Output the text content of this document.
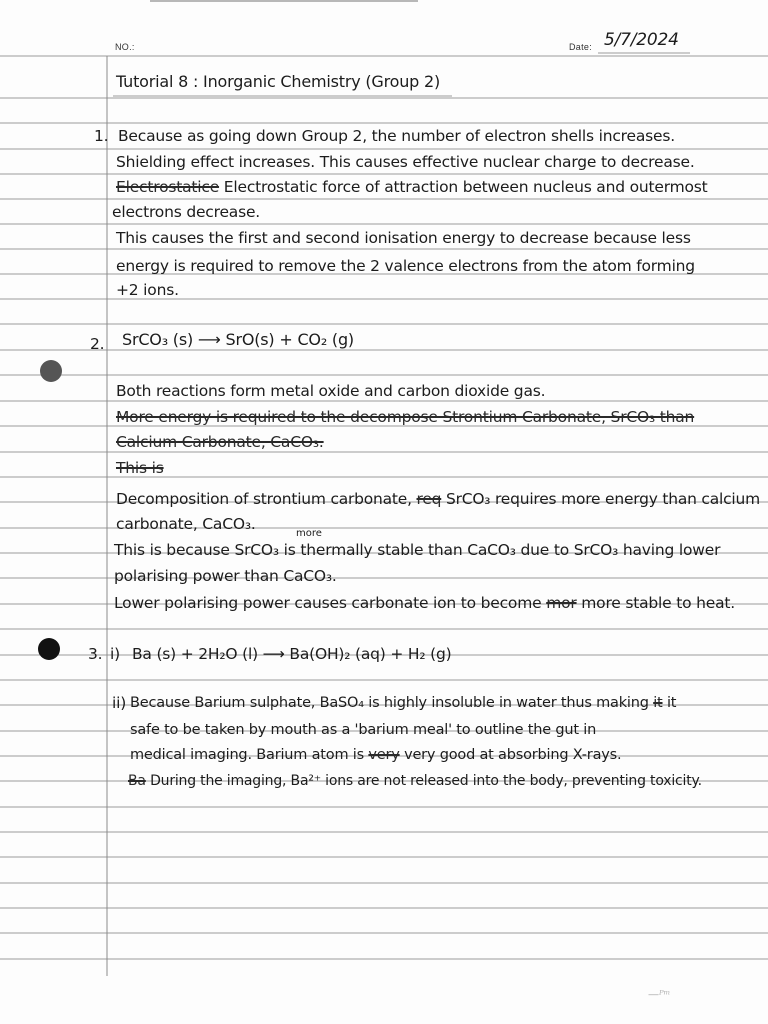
NO.:	Date: 5/7/2024
Tutorial 8 : Inorganic Chemistry (Group 2)
1. Because as going down Group 2, the number of electron shells increases.
Shielding effect increases. This causes effective nuclear charge to decrease.
Electrostatice Electrostatic force of attraction between nucleus and outermost
electrons decrease.
This causes the first and second ionisation energy to decrease because less
energy is required to remove the 2 valence electrons from the atom forming
+2 ions.
2. SrCO₃ (s) ⟶ SrO(s) + CO₂ (g)
Both reactions form metal oxide and carbon dioxide gas.
More energy is required to the decompose Strontium Carbonate, SrCO₃ than
Calcium Carbonate, CaCO₃.
This is
Decomposition of strontium carbonate, req SrCO₃ requires more energy than calcium
carbonate, CaCO₃.
more
This is because SrCO₃ is thermally stable than CaCO₃ due to SrCO₃ having lower
polarising power than CaCO₃.
Lower polarising power causes carbonate ion to become mor more stable to heat.
3. i) Ba (s) + 2H₂O (l) ⟶ Ba(OH)₂ (aq) + H₂ (g)
ii) Because Barium sulphate, BaSO₄ is highly insoluble in water thus making it it
safe to be taken by mouth as a 'barium meal' to outline the gut in
medical imaging. Barium atom is very very good at absorbing X-rays.
Ba During the imaging, Ba²⁺ ions are not released into the body, preventing toxicity.
—ᴾᵐ
